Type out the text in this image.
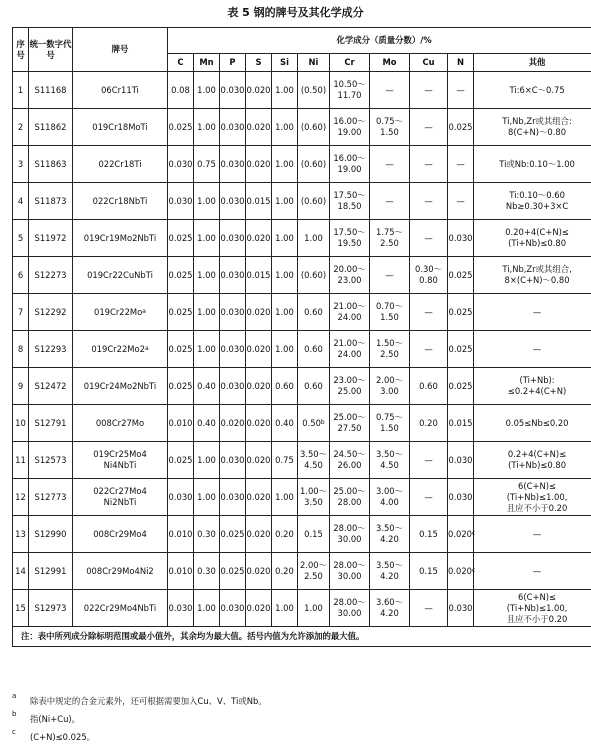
表 5 钢的牌号及其化学成分
序号	统一数字代号	牌号	化学成分（质量分数）/%										
			C	Mn	P	S	Si	Ni	Cr	Mo	Cu	N	其他
1	S11168	06Cr11Ti	0.08	1.00	0.030	0.020	1.00	(0.50)	10.50～
11.70	—	—	—	Ti:6×C～0.75
2	S11862	019Cr18MoTi	0.025	1.00	0.030	0.020	1.00	(0.60)	16.00～
19.00	0.75～
1.50	—	0.025	Ti,Nb,Zr或其组合:
8(C+N)～0.80
3	S11863	022Cr18Ti	0.030	0.75	0.030	0.020	1.00	(0.60)	16.00～
19.00	—	—	—	Ti或Nb:0.10～1.00
4	S11873	022Cr18NbTi	0.030	1.00	0.030	0.015	1.00	(0.60)	17.50～
18.50	—	—	—	Ti:0.10～0.60
Nb≥0.30+3×C
5	S11972	019Cr19Mo2NbTi	0.025	1.00	0.030	0.020	1.00	1.00	17.50～
19.50	1.75～
2.50	—	0.030	0.20+4(C+N)≤
(Ti+Nb)≤0.80
6	S12273	019Cr22CuNbTi	0.025	1.00	0.030	0.015	1.00	(0.60)	20.00～
23.00	—	0.30～
0.80	0.025	Ti,Nb,Zr或其组合,
8×(C+N)～0.80
7	S12292	019Cr22Mo$^a$	0.025	1.00	0.030	0.020	1.00	0.60	21.00～
24.00	0.70～
1.50	—	0.025	—
8	S12293	019Cr22Mo2$^a$	0.025	1.00	0.030	0.020	1.00	0.60	21.00～
24.00	1.50～
2.50	—	0.025	—
9	S12472	019Cr24Mo2NbTi	0.025	0.40	0.030	0.020	0.60	0.60	23.00～
25.00	2.00～
3.00	0.60	0.025	(Ti+Nb):
≤0.2+4(C+N)
10	S12791	008Cr27Mo	0.010	0.40	0.020	0.020	0.40	0.50$^b$	25.00～
27.50	0.75～
1.50	0.20	0.015	0.05≤Nb≤0.20
11	S12573	019Cr25Mo4
Ni4NbTi	0.025	1.00	0.030	0.020	0.75	3.50～
4.50	24.50～
26.00	3.50～
4.50	—	0.030	0.2+4(C+N)≤
(Ti+Nb)≤0.80
12	S12773	022Cr27Mo4
Ni2NbTi	0.030	1.00	0.030	0.020	1.00	1.00～
3.50	25.00～
28.00	3.00～
4.00	—	0.030	6(C+N)≤
(Ti+Nb)≤1.00,
且应不小于0.20
13	S12990	008Cr29Mo4	0.010	0.30	0.025	0.020	0.20	0.15	28.00～
30.00	3.50～
4.20	0.15	0.020$^c$	—
14	S12991	008Cr29Mo4Ni2	0.010	0.30	0.025	0.020	0.20	2.00～
2.50	28.00～
30.00	3.50～
4.20	0.15	0.020$^c$	—
15	S12973	022Cr29Mo4NbTi	0.030	1.00	0.030	0.020	1.00	1.00	28.00～
30.00	3.60～
4.20	—	0.030	6(C+N)≤
(Ti+Nb)≤1.00,
且应不小于0.20
注：表中所列成分除标明范围或最小值外，其余均为最大值。括号内值为允许添加的最大值。													
a 除表中规定的合金元素外，还可根据需要加入Cu、V、Ti或Nb。
b 指(Ni+Cu)。
c (C+N)≤0.025。
